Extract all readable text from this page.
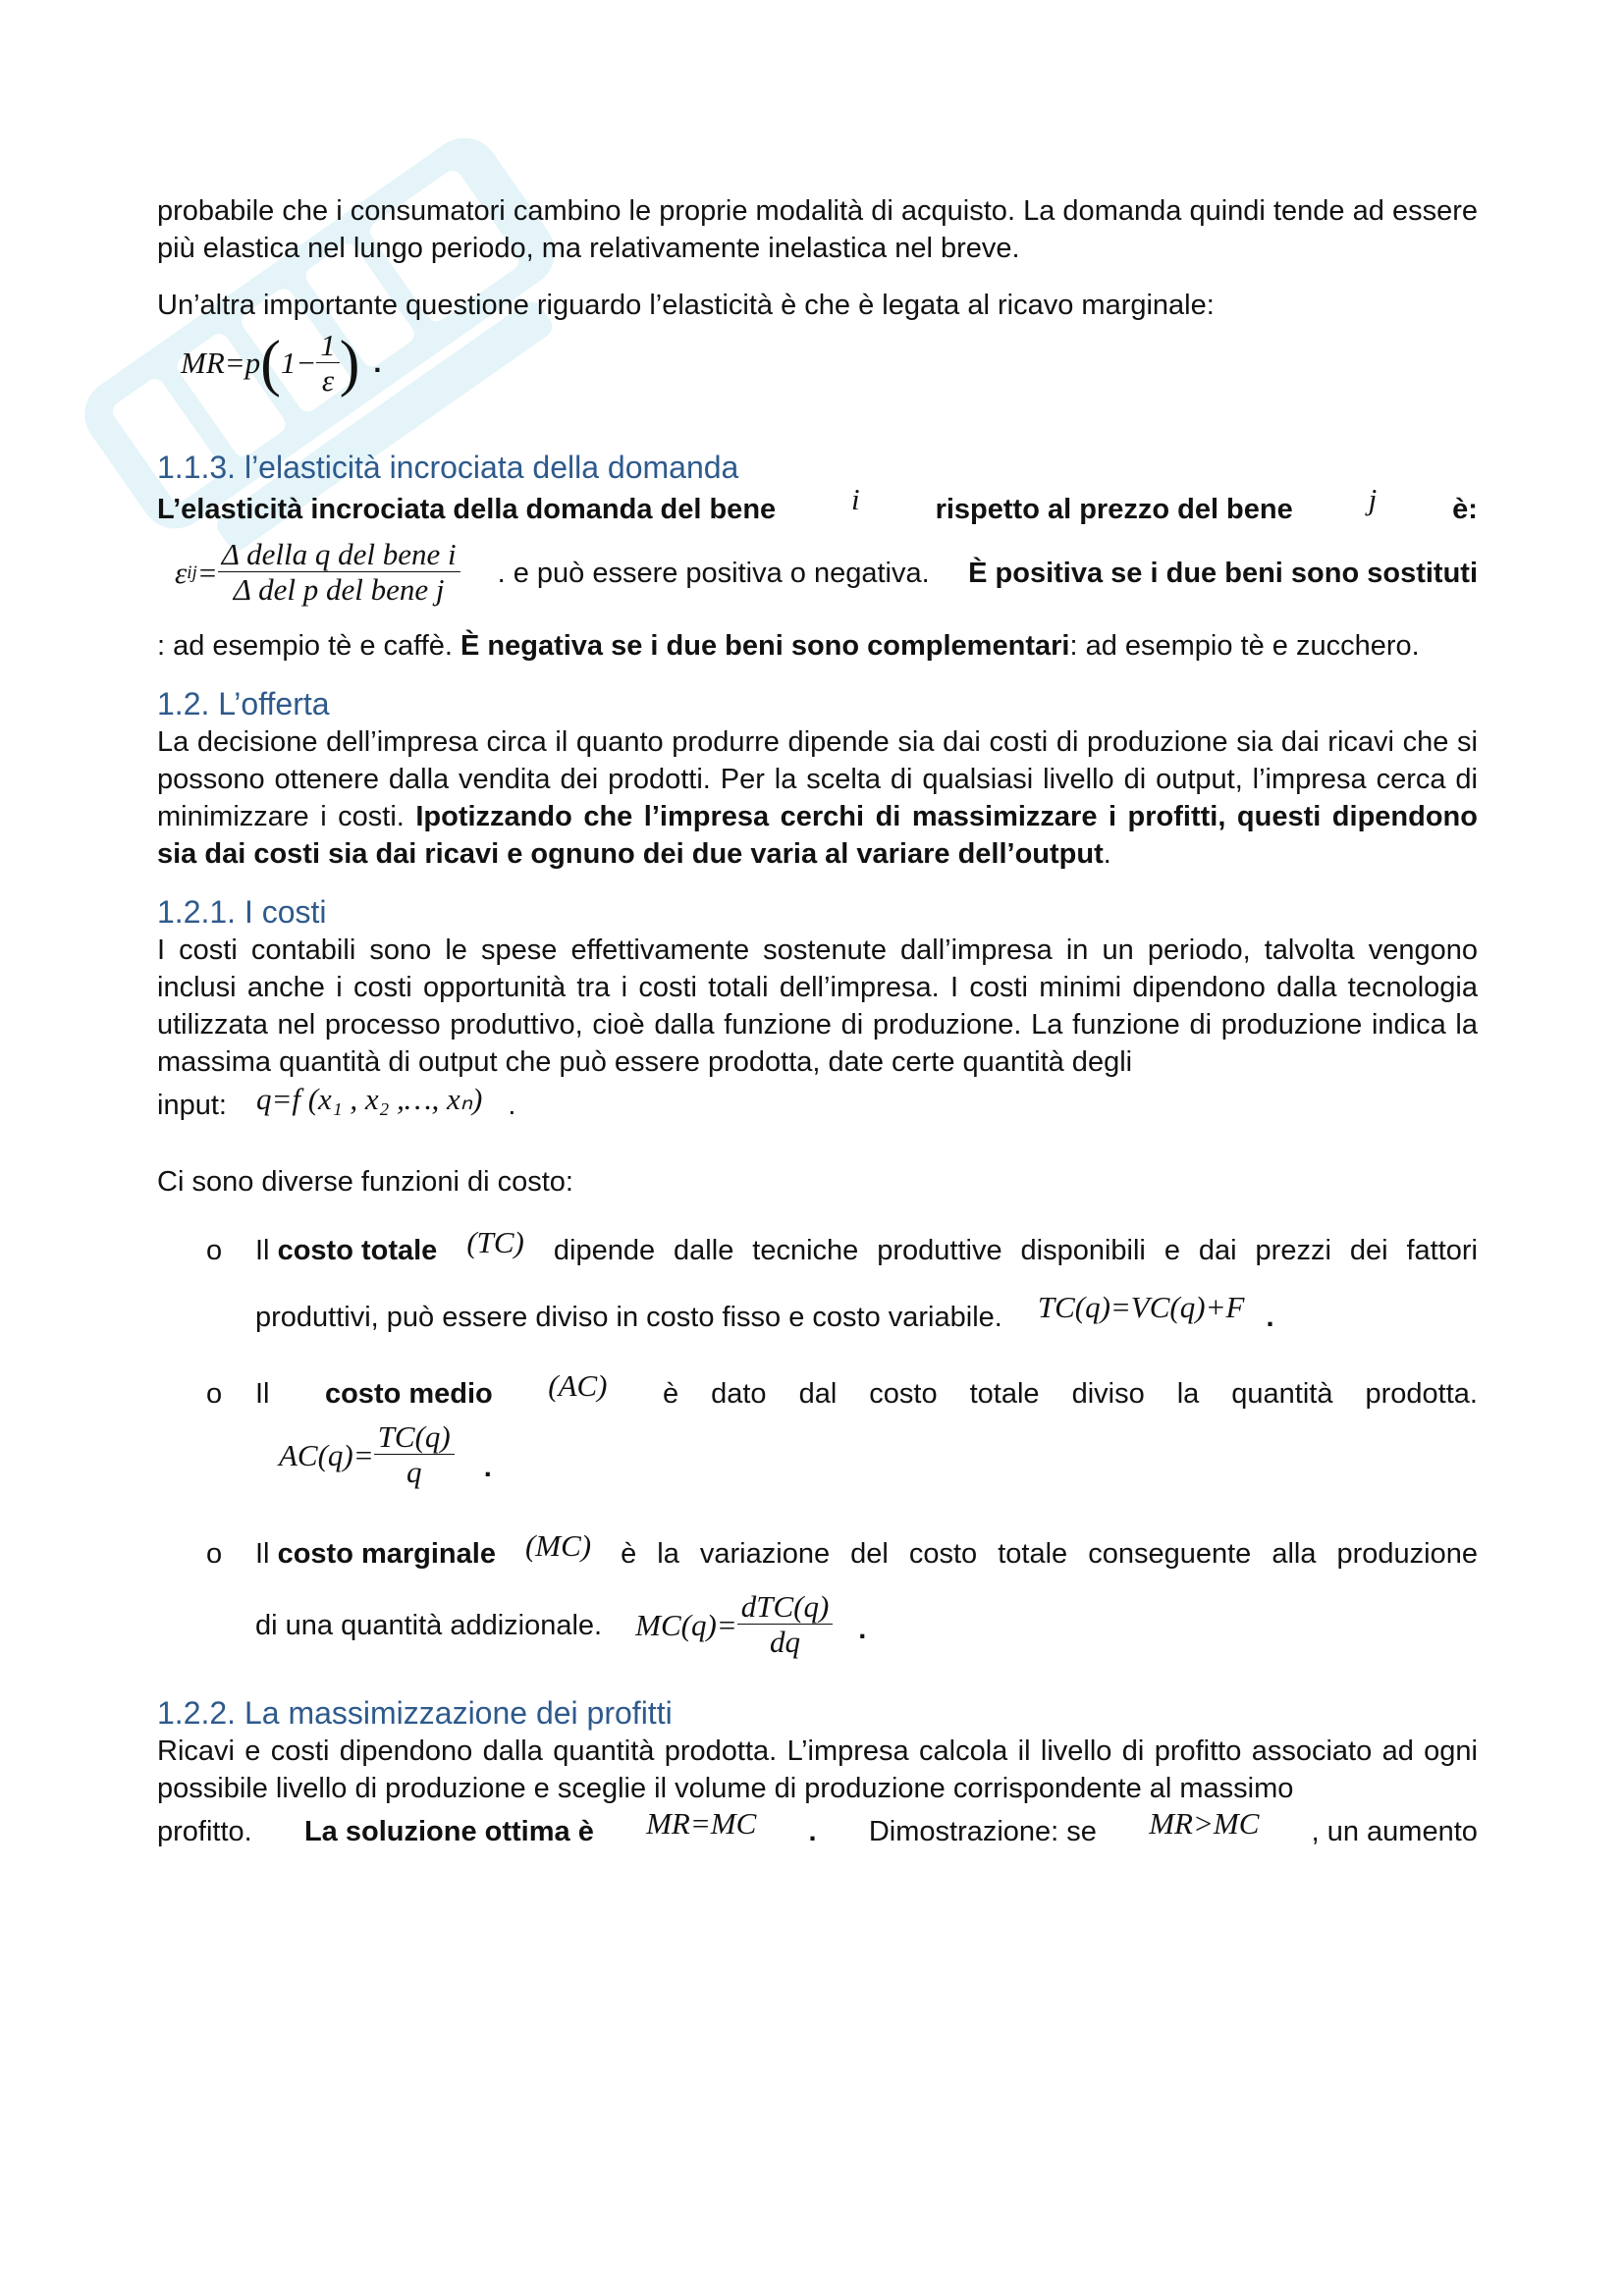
probabile che i consumatori cambino le proprie modalità di acquisto. La domanda quindi tende ad essere più elastica nel lungo periodo, ma relativamente inelastica nel breve.

Un’altra importante questione riguardo l’elasticità è che è legata al ricavo marginale:

MR=p ( $1- \frac{1}{\varepsilon}$ ) .
1.1.3. l’elasticità incrociata della domanda
L’elasticità incrociata della domanda del bene i	rispetto al prezzo del bene j	è:
ε ij = $\frac{\text{Δ della q del bene i}}{\text{Δ del p del bene j}}$ . e può essere positiva o negativa. È positiva se i due beni sono sostituti

: ad esempio tè e caffè. È negativa se i due beni sono complementari: ad esempio tè e zucchero.

1.2. L’offerta

La decisione dell’impresa circa il quanto produrre dipende sia dai costi di produzione sia dai ricavi che si possono ottenere dalla vendita dei prodotti. Per la scelta di qualsiasi livello di output, l’impresa cerca di minimizzare i costi. Ipotizzando che l’impresa cerchi di massimizzare i profitti, questi dipendono sia dai costi sia dai ricavi e ognuno dei due varia al variare dell’output.

1.2.1. I costi

I costi contabili sono le spese effettivamente sostenute dall’impresa in un periodo, talvolta vengono inclusi anche i costi opportunità tra i costi totali dell’impresa. I costi minimi dipendono dalla tecnologia utilizzata nel processo produttivo, cioè dalla funzione di produzione. La funzione di produzione indica la massima quantità di output che può essere prodotta, date certe quantità degli

input: q=f (x₁ , x₂ ,…, xₙ) .

Ci sono diverse funzioni di costo:

o Il costo totale (TC) dipende dalle tecniche produttive disponibili e dai prezzi dei fattori
produttivi, può essere diviso in costo fisso e costo variabile. TC(q)=VC(q)+F .
o Il costo medio (AC) è dato dal costo totale diviso la quantità prodotta.
$AC(q)= \frac{TC(q)}{q}$ .
o Il costo marginale (MC) è la variazione del costo totale conseguente alla produzione
di una quantità addizionale. $MC(q)= \frac{\text{dTC(q)}}{dq}$ .
1.2.2. La massimizzazione dei profitti

Ricavi e costi dipendono dalla quantità prodotta. L’impresa calcola il livello di profitto associato ad ogni possibile livello di produzione e sceglie il volume di produzione corrispondente al massimo

profitto. La soluzione ottima è MR=MC . Dimostrazione: se MR>MC , un aumento
